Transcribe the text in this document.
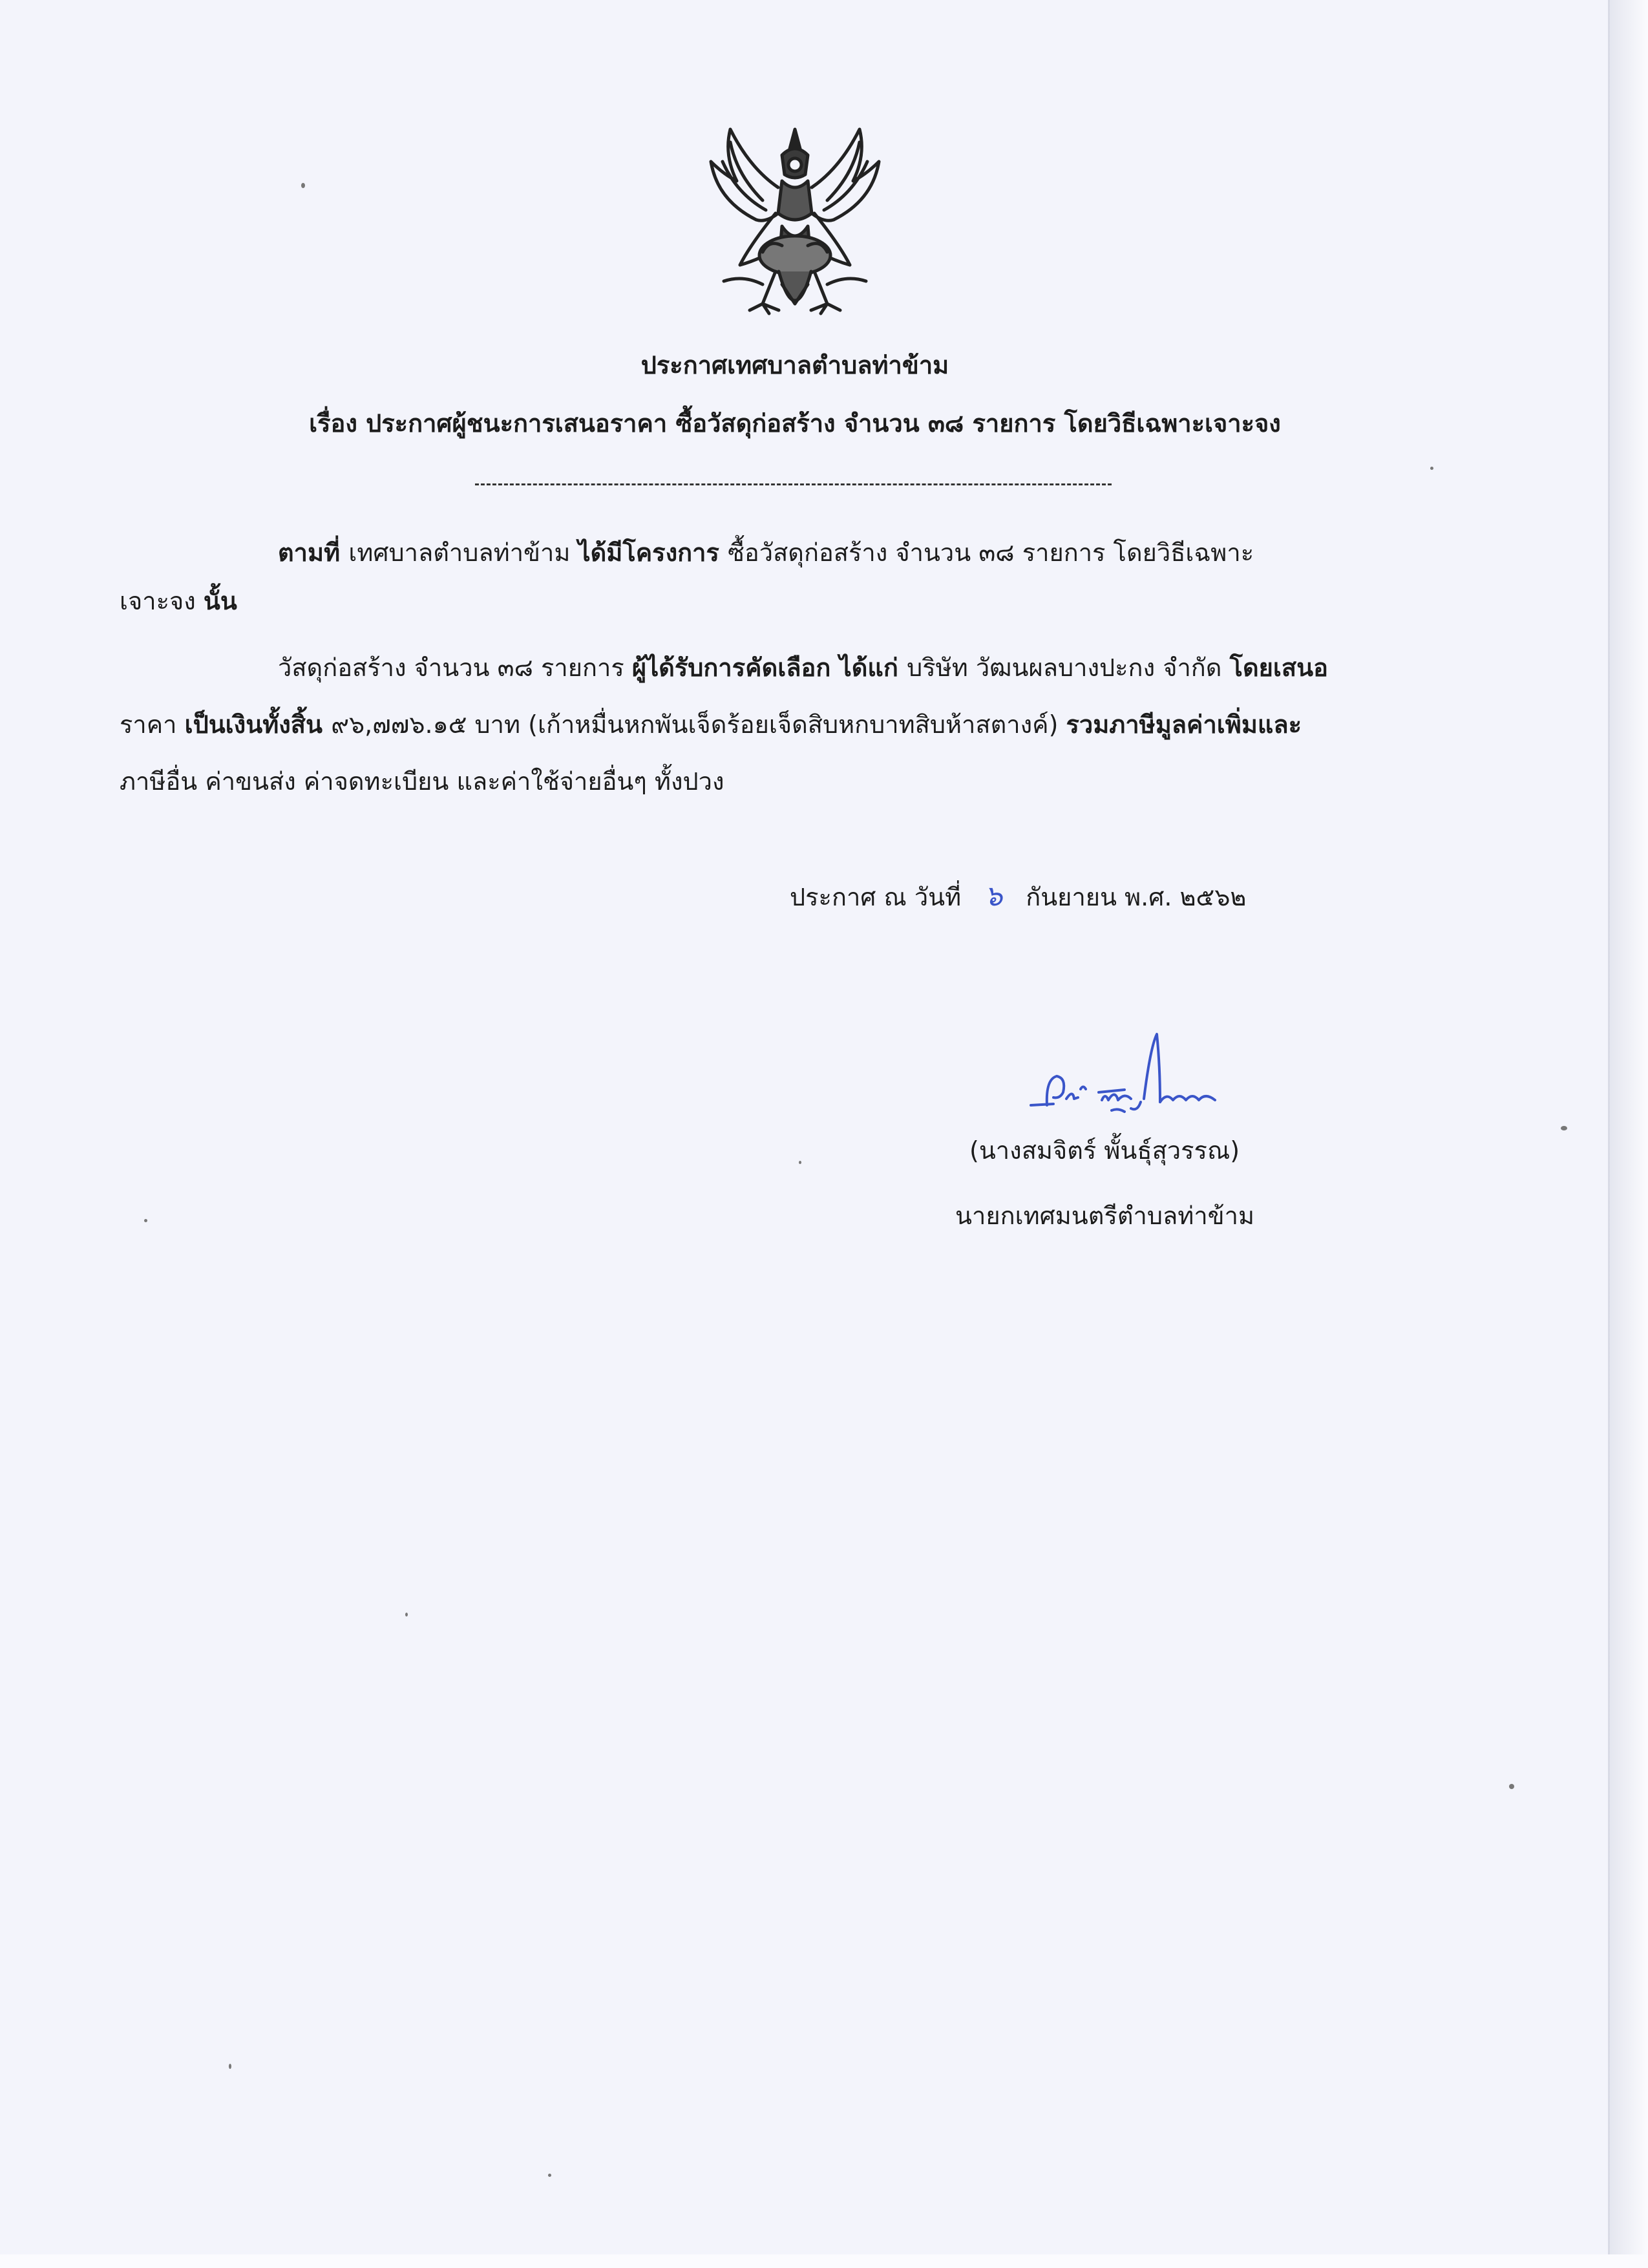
ประกาศเทศบาลตำบลท่าข้าม
เรื่อง ประกาศผู้ชนะการเสนอราคา ซื้อวัสดุก่อสร้าง จำนวน ๓๘ รายการ โดยวิธีเฉพาะเจาะจง
ตามที่ เทศบาลตำบลท่าข้าม ได้มีโครงการ ซื้อวัสดุก่อสร้าง จำนวน ๓๘ รายการ โดยวิธีเฉพาะ
เจาะจง นั้น
วัสดุก่อสร้าง จำนวน ๓๘ รายการ ผู้ได้รับการคัดเลือก ได้แก่ บริษัท วัฒนผลบางปะกง จำกัด โดยเสนอ
ราคา เป็นเงินทั้งสิ้น ๙๖,๗๗๖.๑๕ บาท (เก้าหมื่นหกพันเจ็ดร้อยเจ็ดสิบหกบาทสิบห้าสตางค์) รวมภาษีมูลค่าเพิ่มและ
ภาษีอื่น ค่าขนส่ง ค่าจดทะเบียน และค่าใช้จ่ายอื่นๆ ทั้งปวง
ประกาศ ณ วันที่ ๖ กันยายน พ.ศ. ๒๕๖๒
(นางสมจิตร์ พั้นธุ์สุวรรณ)
นายกเทศมนตรีตำบลท่าข้าม
